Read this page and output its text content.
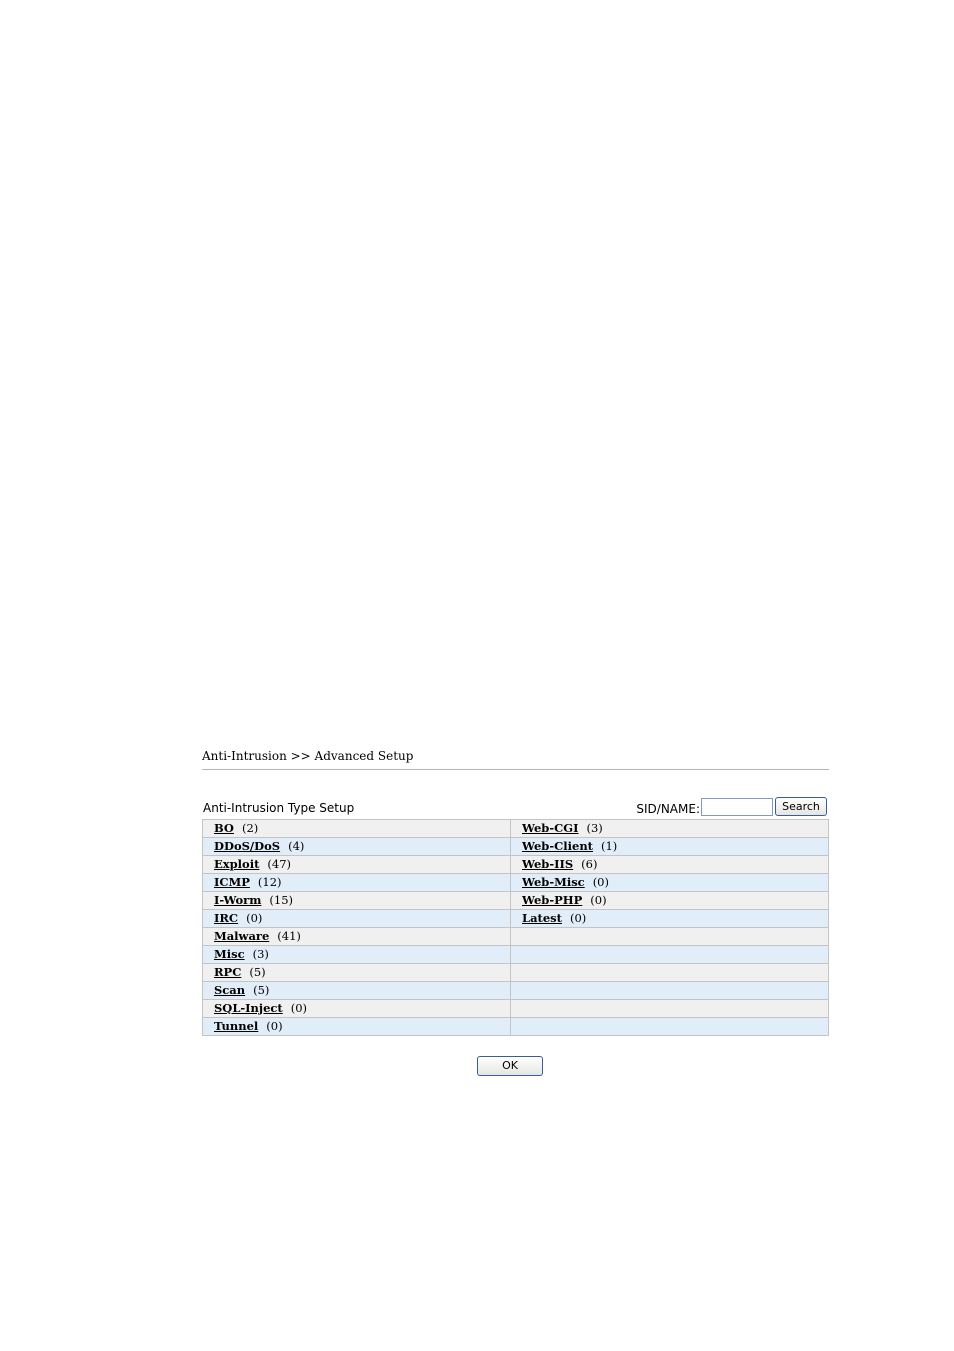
Anti-Intrusion >> Advanced Setup
Anti-Intrusion Type Setup	SID/NAME:	Search
BO (2)	Web-CGI (3)
DDoS/DoS (4)	Web-Client (1)
Exploit (47)	Web-IIS (6)
ICMP (12)	Web-Misc (0)
I-Worm (15)	Web-PHP (0)
IRC (0)	Latest (0)
Malware (41)	
Misc (3)	
RPC (5)	
Scan (5)	
SQL-Inject (0)	
Tunnel (0)	
OK
